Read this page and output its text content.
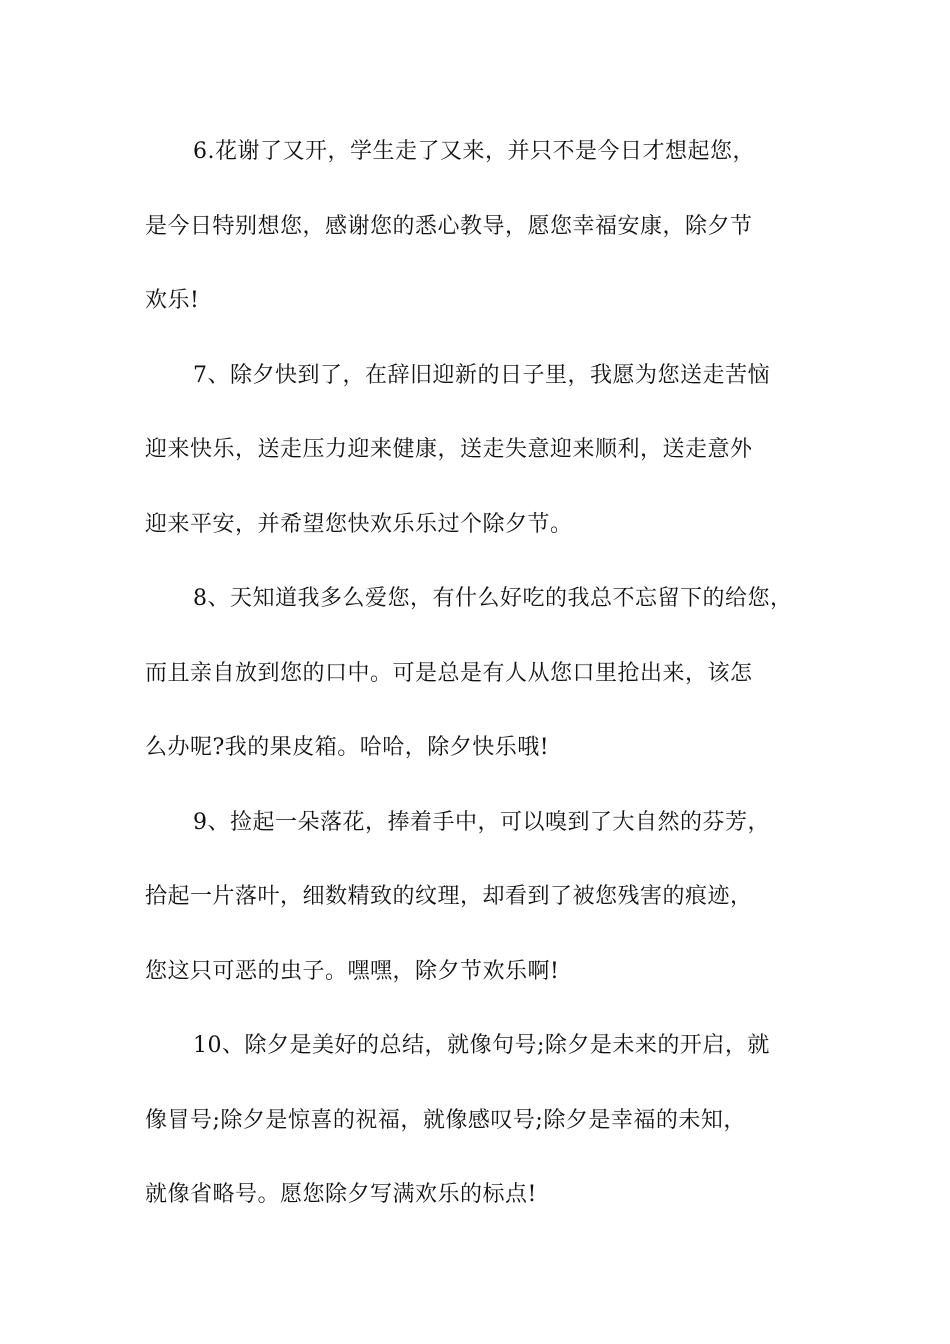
6.花谢了又开，学生走了又来，并只不是今日才想起您，
是今日特别想您，感谢您的悉心教导，愿您幸福安康，除夕节
欢乐!
7、除夕快到了，在辞旧迎新的日子里，我愿为您送走苦恼
迎来快乐，送走压力迎来健康，送走失意迎来顺利，送走意外
迎来平安，并希望您快欢乐乐过个除夕节。
8、天知道我多么爱您，有什么好吃的我总不忘留下的给您，
而且亲自放到您的口中。可是总是有人从您口里抢出来，该怎
么办呢?我的果皮箱。哈哈，除夕快乐哦!
9、捡起一朵落花，捧着手中，可以嗅到了大自然的芬芳，
拾起一片落叶，细数精致的纹理，却看到了被您残害的痕迹，
您这只可恶的虫子。嘿嘿，除夕节欢乐啊!
10、除夕是美好的总结，就像句号;除夕是未来的开启，就
像冒号;除夕是惊喜的祝福，就像感叹号;除夕是幸福的未知，
就像省略号。愿您除夕写满欢乐的标点!
